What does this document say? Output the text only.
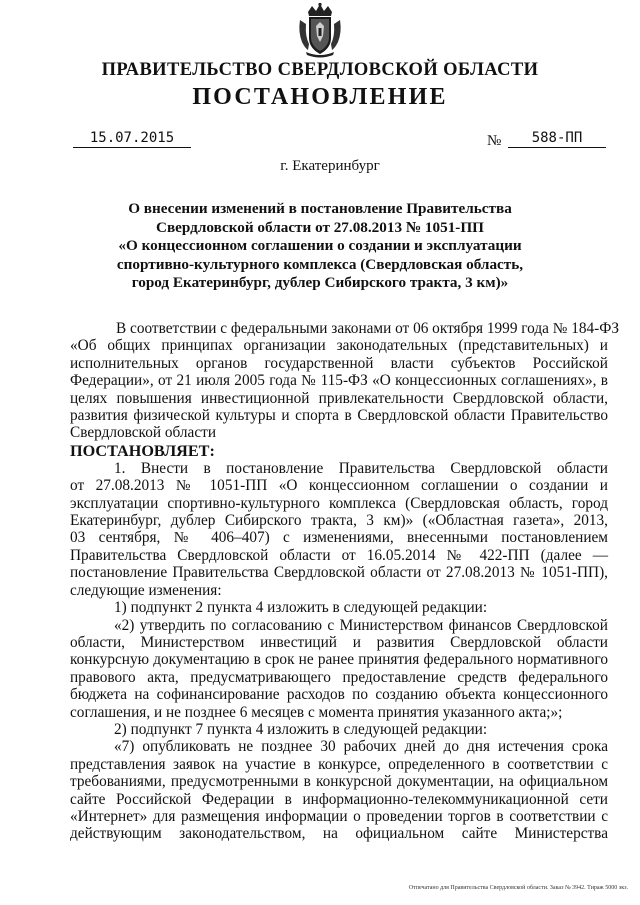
ПРАВИТЕЛЬСТВО СВЕРДЛОВСКОЙ ОБЛАСТИ
ПОСТАНОВЛЕНИЕ
15.07.2015	№	588-ПП
г. Екатеринбург
О внесении изменений в постановление Правительства
Свердловской области от 27.08.2013 № 1051-ПП
«О концессионном соглашении о создании и эксплуатации
спортивно-культурного комплекса (Свердловская область,
город Екатеринбург, дублер Сибирского тракта, 3 км)»
В соответствии с федеральными законами от 06 октября 1999 года № 184-ФЗ
«Об общих принципах организации законодательных (представительных) и
исполнительных органов государственной власти субъектов Российской
Федерации», от 21 июля 2005 года № 115-ФЗ «О концессионных соглашениях», в
целях повышения инвестиционной привлекательности Свердловской области,
развития физической культуры и спорта в Свердловской области Правительство
Свердловской области
ПОСТАНОВЛЯЕТ:
1. Внести в постановление Правительства Свердловской области
от 27.08.2013 № 1051-ПП «О концессионном соглашении о создании и
эксплуатации спортивно-культурного комплекса (Свердловская область, город
Екатеринбург, дублер Сибирского тракта, 3 км)» («Областная газета», 2013,
03 сентября, № 406–407) с изменениями, внесенными постановлением
Правительства Свердловской области от 16.05.2014 № 422-ПП (далее —
постановление Правительства Свердловской области от 27.08.2013 № 1051-ПП),
следующие изменения:
1) подпункт 2 пункта 4 изложить в следующей редакции:
«2) утвердить по согласованию с Министерством финансов Свердловской
области, Министерством инвестиций и развития Свердловской области
конкурсную документацию в срок не ранее принятия федерального нормативного
правового акта, предусматривающего предоставление средств федерального
бюджета на софинансирование расходов по созданию объекта концессионного
соглашения, и не позднее 6 месяцев с момента принятия указанного акта;»;
2) подпункт 7 пункта 4 изложить в следующей редакции:
«7) опубликовать не позднее 30 рабочих дней до дня истечения срока
представления заявок на участие в конкурсе, определенного в соответствии с
требованиями, предусмотренными в конкурсной документации, на официальном
сайте Российской Федерации в информационно-телекоммуникационной сети
«Интернет» для размещения информации о проведении торгов в соответствии с
действующим законодательством, на официальном сайте Министерства
Отпечатано для Правительства Свердловской области. Заказ № 3942. Тираж 5000 экз.
